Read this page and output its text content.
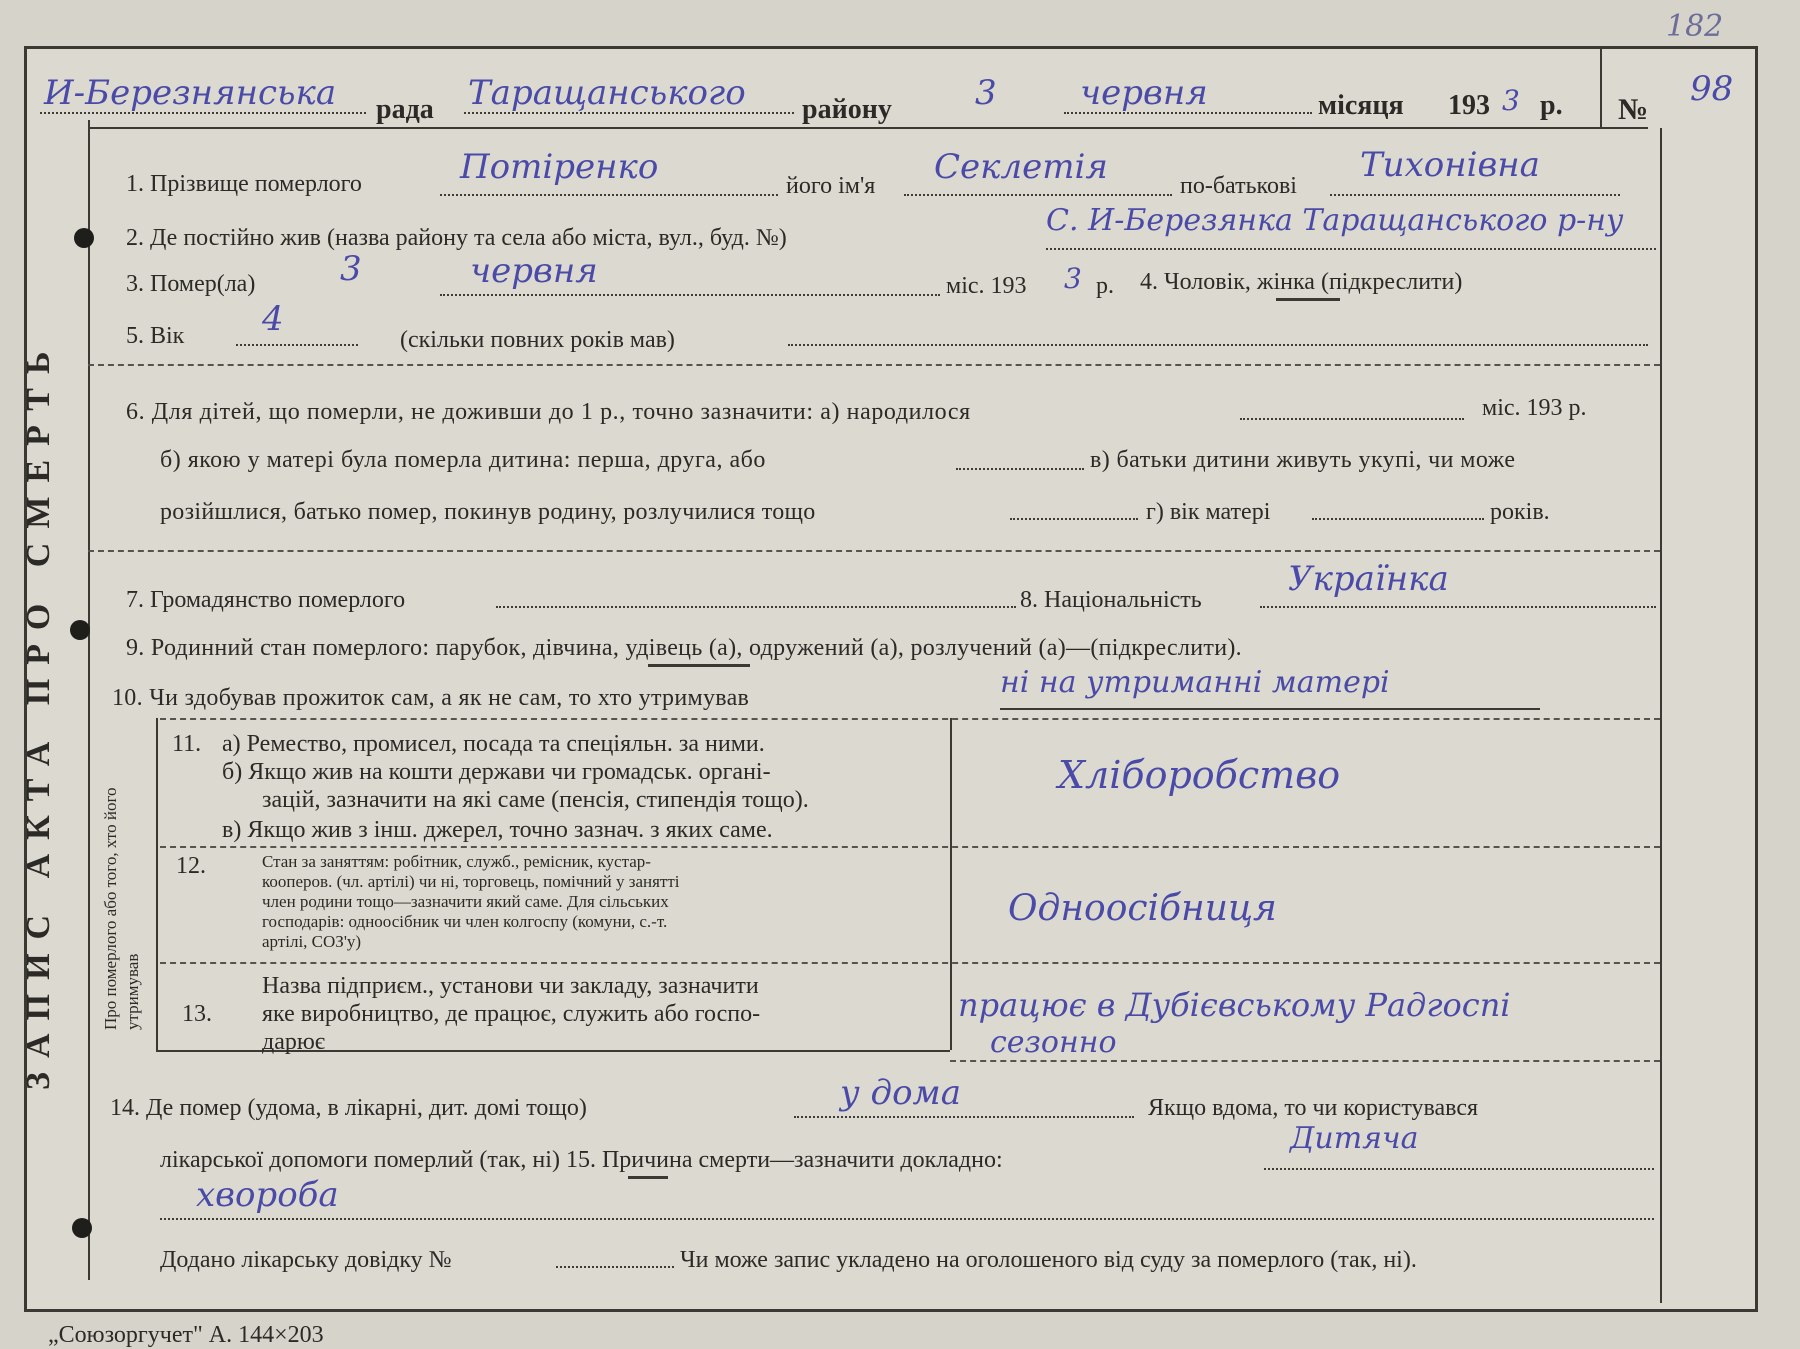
ЗАПИС АКТА ПРО СМЕРТЬ	Про померлого або того, хто його утримував
И-Березнянська рада Таращанського району 3 червня	місяця 193 3 р. №
98
182
1. Прізвище померлого	Потіренко	його ім'я Секлетія	по-батькові
Тихонівна
2. Де постійно жив (назва району та села або міста, вул., буд. №)	С. И-Березянка Таращанського р-ну
3. Помер(ла) 3	червня	міс. 193 3 р. 4. Чоловік, жінка (підкреслити)
5. Вік 4
(скільки повних років мав)
6. Для дітей, що померли, не доживши до 1 р., точно зазначити: а) народилося	міс. 193 р.
б) якою у матері була померла дитина: перша, друга, або	в) батьки дитини живуть укупі, чи може
розійшлися, батько помер, покинув родину, розлучилися тощо	г) вік матері	років.
7. Громадянство померлого	8. Національність
Українка
9. Родинний стан померлого: парубок, дівчина, удівець (а), одружений (а), розлучений (а)—(підкреслити).
10. Чи здобував прожиток сам, а як не сам, то хто утримував	ні на утриманні матері
11. а) Ремество, промисел, посада та спеціяльн. за ними.
б) Якщо жив на кошти держави чи громадськ. органі-
зацій, зазначити на які саме (пенсія, стипендія тощо).
в) Якщо жив з інш. джерел, точно зазнач. з яких саме.
Хліборобство
12.	Стан за заняттям: робітник, служб., ремісник, кустар-
кооперов. (чл. артілі) чи ні, торговець, помічний у занятті
член родини тощо—зазначити який саме. Для сільських
господарів: одноосібник чи член колгоспу (комуни, с.-т.
артілі, СОЗ'у)
Одноосібниця
Назва підприєм., установи чи закладу, зазначити
13. яке виробництво, де працює, служить або госпо-
дарює
працює в Дубієвському Радгоспі
сезонно
14. Де помер (удома, в лікарні, дит. домі тощо)	у дома	Якщо вдома, то чи користувався
лікарської допомоги померлий (так, ні) 15. Причина смерти—зазначити докладно:
Дитяча
хвороба
Додано лікарську довідку №	Чи може запис укладено на оголошеного від суду за померлого (так, ні).
„Союзоргучет" А. 144×203
